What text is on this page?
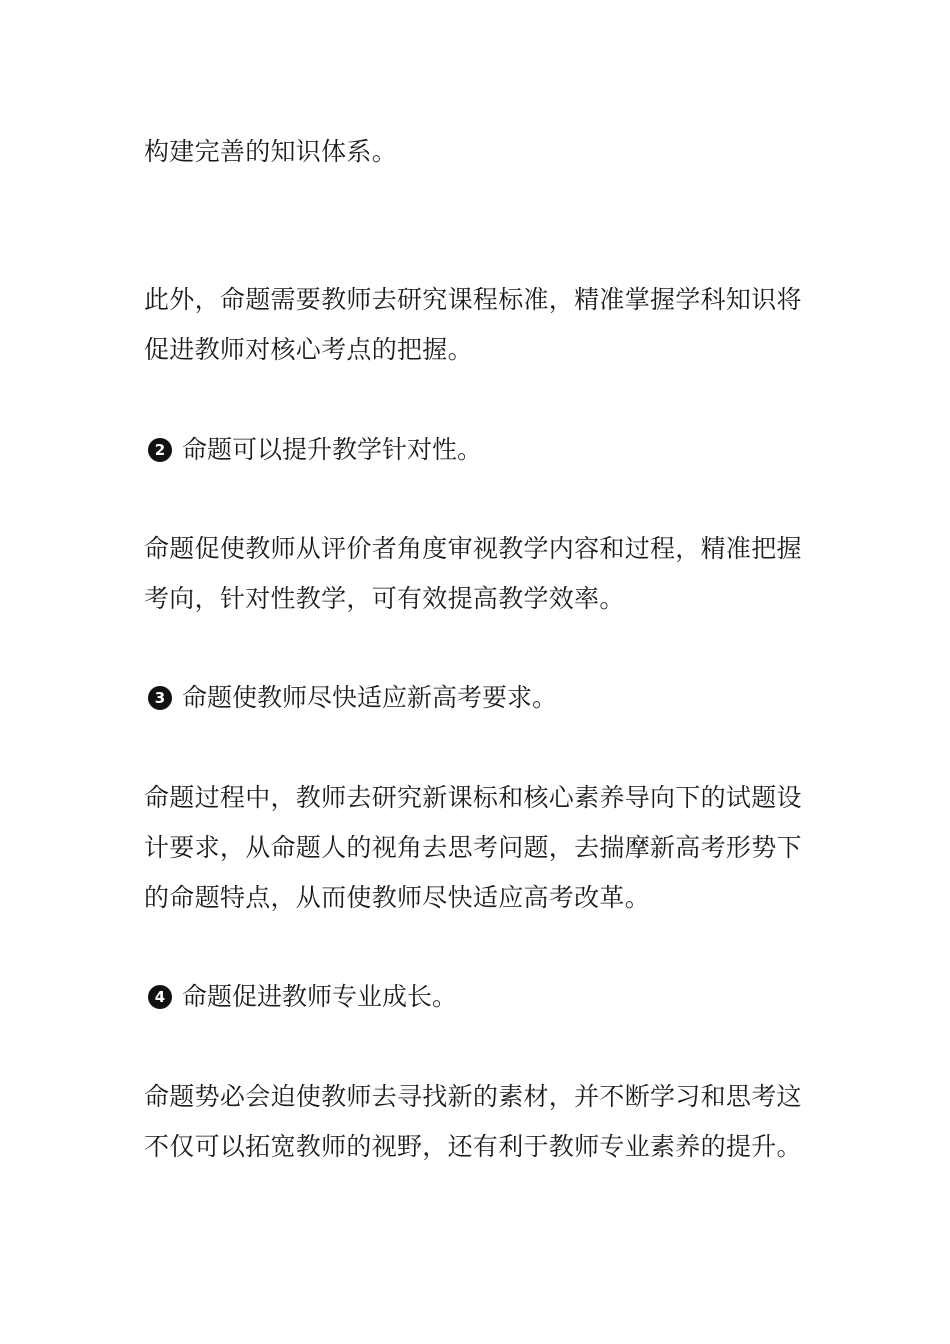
构建完善的知识体系。

此外，命题需要教师去研究课程标准，精准掌握学科知识将促进教师对核心考点的把握。

2 命题可以提升教学针对性。

命题促使教师从评价者角度审视教学内容和过程，精准把握考向，针对性教学，可有效提高教学效率。

3 命题使教师尽快适应新高考要求。

命题过程中，教师去研究新课标和核心素养导向下的试题设计要求，从命题人的视角去思考问题，去揣摩新高考形势下的命题特点，从而使教师尽快适应高考改革。

4 命题促进教师专业成长。

命题势必会迫使教师去寻找新的素材，并不断学习和思考这不仅可以拓宽教师的视野，还有利于教师专业素养的提升。
